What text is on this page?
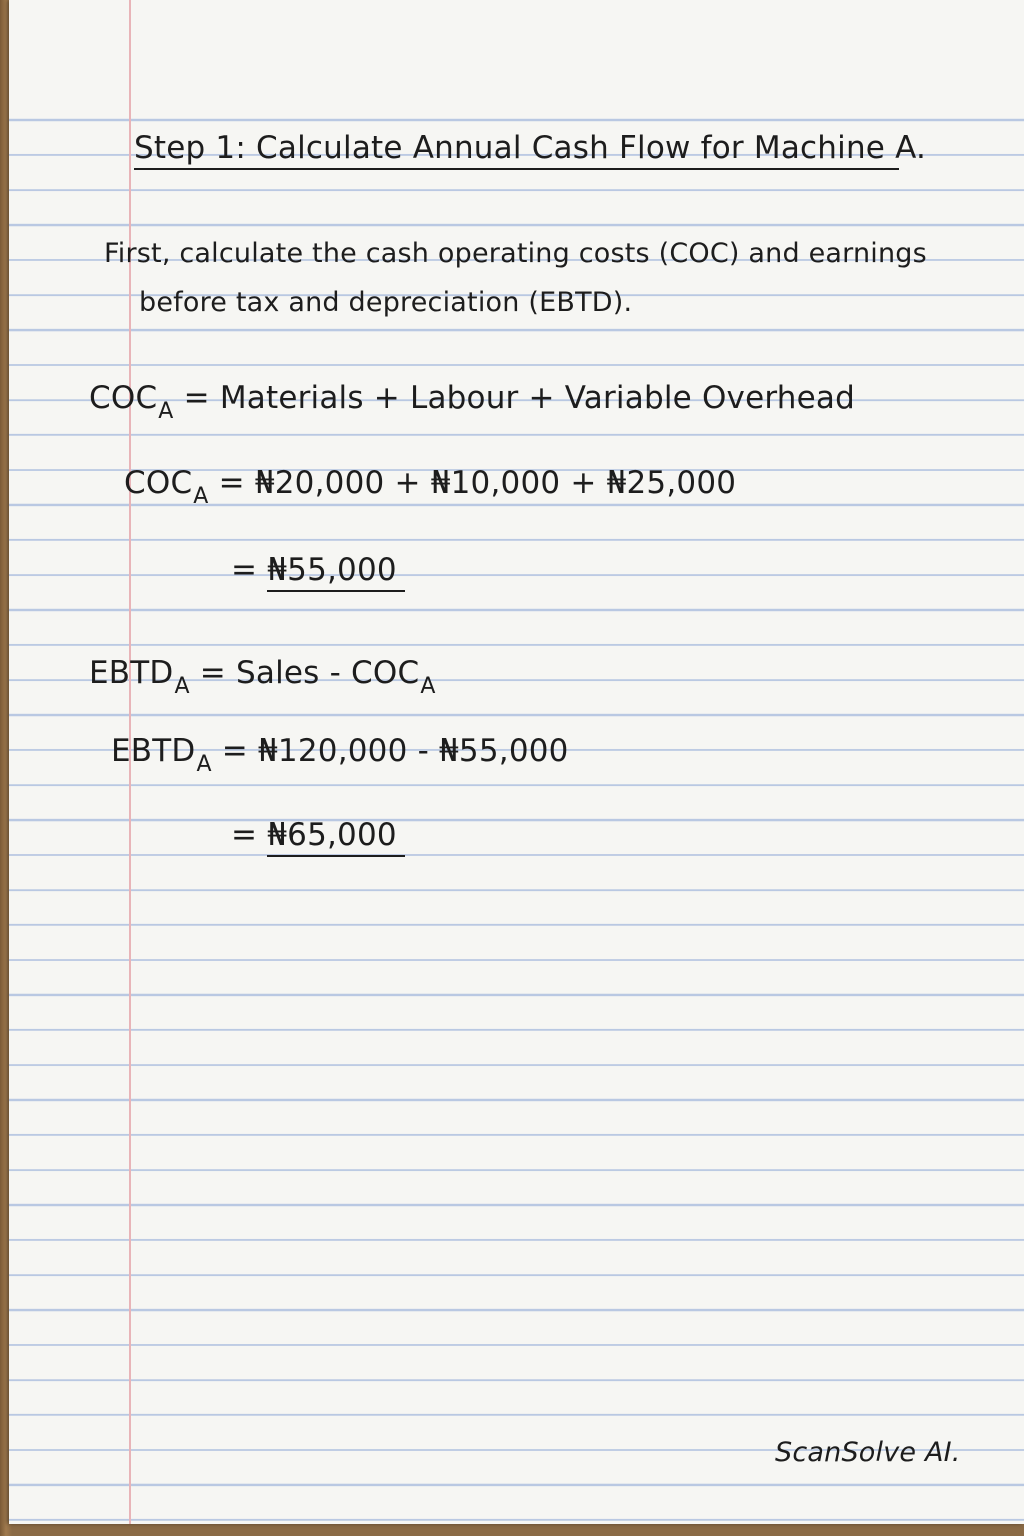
Step 1: Calculate Annual Cash Flow for Machine A.
First, calculate the cash operating costs (COC) and earnings
before tax and depreciation (EBTD).
$COC_A$ = Materials + Labour + Variable Overhead
$COC_A$ = ₦20,000 + ₦10,000 + ₦25,000
= ₦55,000
$EBTD_A$ = Sales - $COC_A$
$EBTD_A$ = ₦120,000 - ₦55,000
= ₦65,000
ScanSolve AI.
